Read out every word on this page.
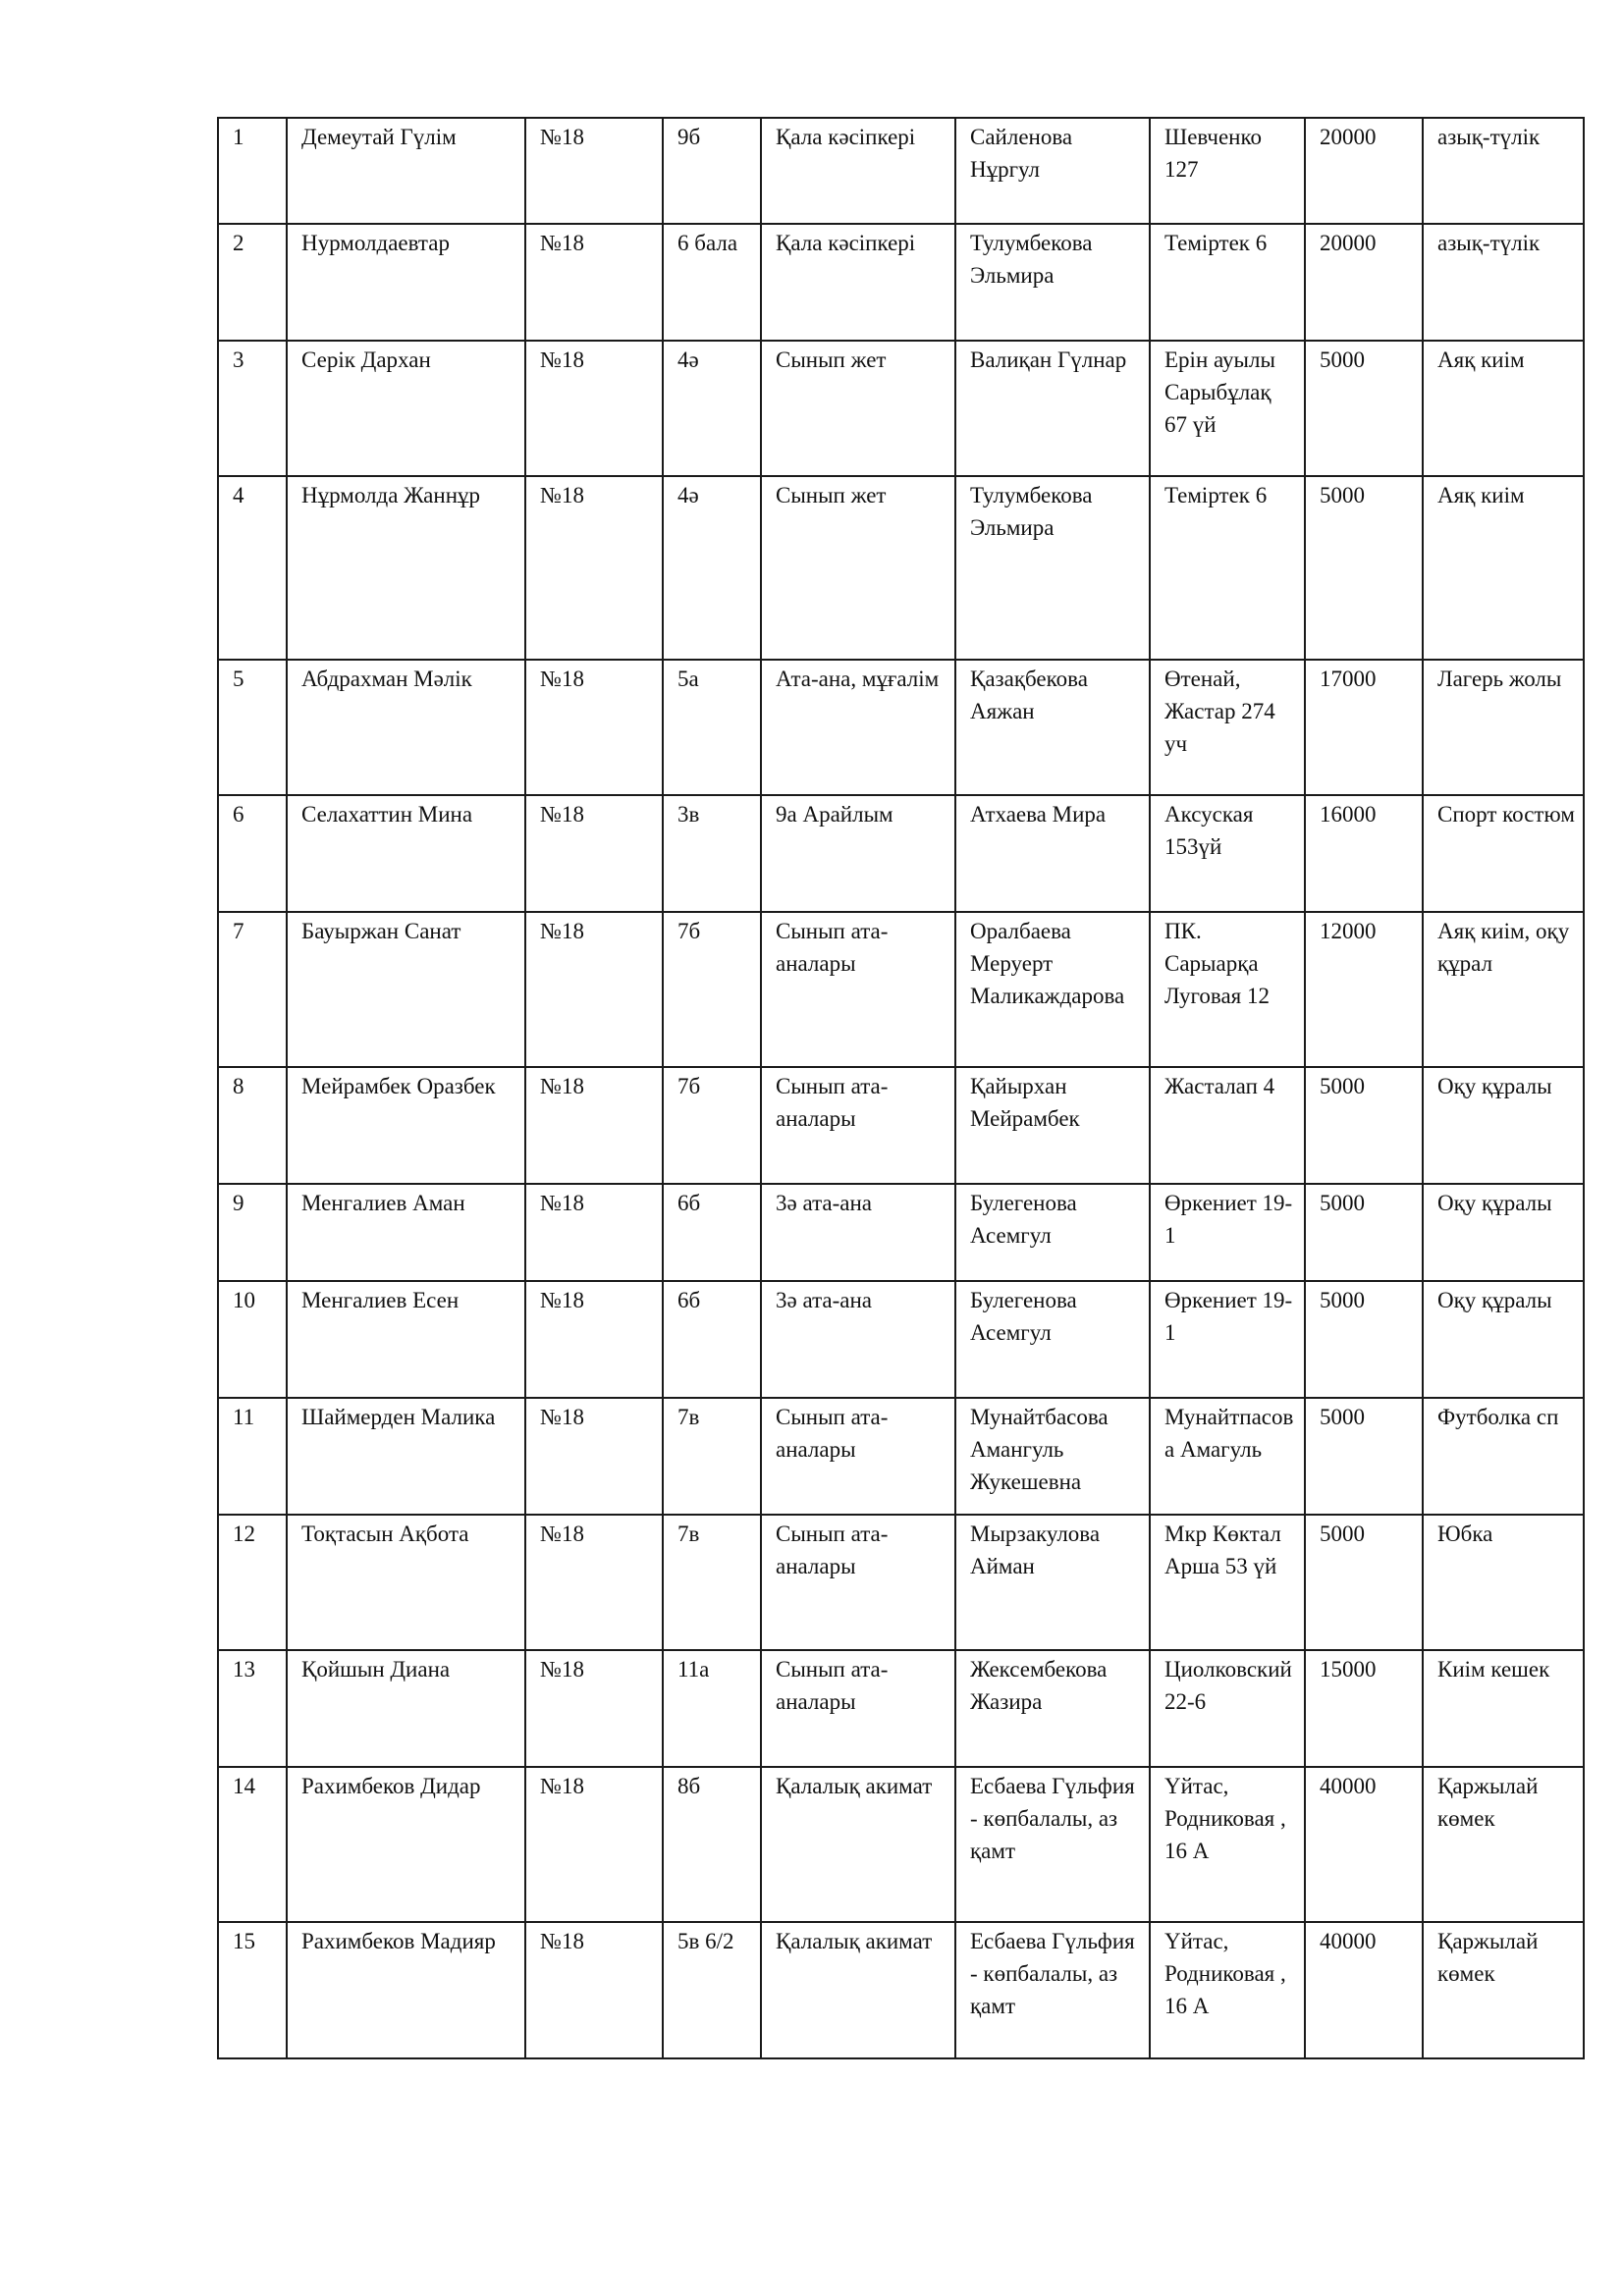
1	Демеутай Гүлім	№18	9б	Қала кәсіпкері	Сайленова Нұргул	Шевченко 127	20000	азық-түлік
2	Нурмолдаевтар	№18	6 бала	Қала кәсіпкері	Тулумбекова Эльмира	Теміртек 6	20000	азық-түлік
3	Серік Дархан	№18	4ә	Сынып жет	Валиқан Гүлнар	Ерін ауылы Сарыбұлақ 67 үй	5000	Аяқ киім
4	Нұрмолда Жаннұр	№18	4ә	Сынып жет	Тулумбекова Эльмира	Теміртек 6	5000	Аяқ киім
5	Абдрахман Мәлік	№18	5а	Ата-ана, мұғалім	Қазақбекова Аяжан	Өтенай, Жастар 274 уч	17000	Лагерь жолы
6	Селахаттин Мина	№18	3в	9а Арайлым	Атхаева Мира	Аксуская 153үй	16000	Спорт костюм
7	Бауыржан Санат	№18	7б	Сынып ата-аналары	Оралбаева Меруерт Маликаждарова	ПК. Сарыарқа Луговая 12	12000	Аяқ киім, оқу құрал
8	Мейрамбек Оразбек	№18	7б	Сынып ата-аналары	Қайырхан Мейрамбек	Жасталап 4	5000	Оқу құралы
9	Менгалиев Аман	№18	6б	3ә ата-ана	Булегенова Асемгул	Өркениет 19-1	5000	Оқу құралы
10	Менгалиев Есен	№18	6б	3ә ата-ана	Булегенова Асемгул	Өркениет 19-1	5000	Оқу құралы
11	Шаймерден Малика	№18	7в	Сынып ата-аналары	Мунайтбасова Амангуль Жукешевна	Мунайтпасова Амагуль	5000	Футболка сп
12	Тоқтасын Ақбота	№18	7в	Сынып ата-аналары	Мырзакулова Айман	Мкр Көктал Арша 53 үй	5000	Юбка
13	Қойшын Диана	№18	11а	Сынып ата-аналары	Жексембекова Жазира	Циолковский 22-6	15000	Киім кешек
14	Рахимбеков Дидар	№18	8б	Қалалық акимат	Есбаева Гүльфия - көпбалалы, аз қамт	Үйтас, Родниковая , 16 А	40000	Қаржылай көмек
15	Рахимбеков Мадияр	№18	5в 6/2	Қалалық акимат	Есбаева Гүльфия - көпбалалы, аз қамт	Үйтас, Родниковая , 16 А	40000	Қаржылай көмек
